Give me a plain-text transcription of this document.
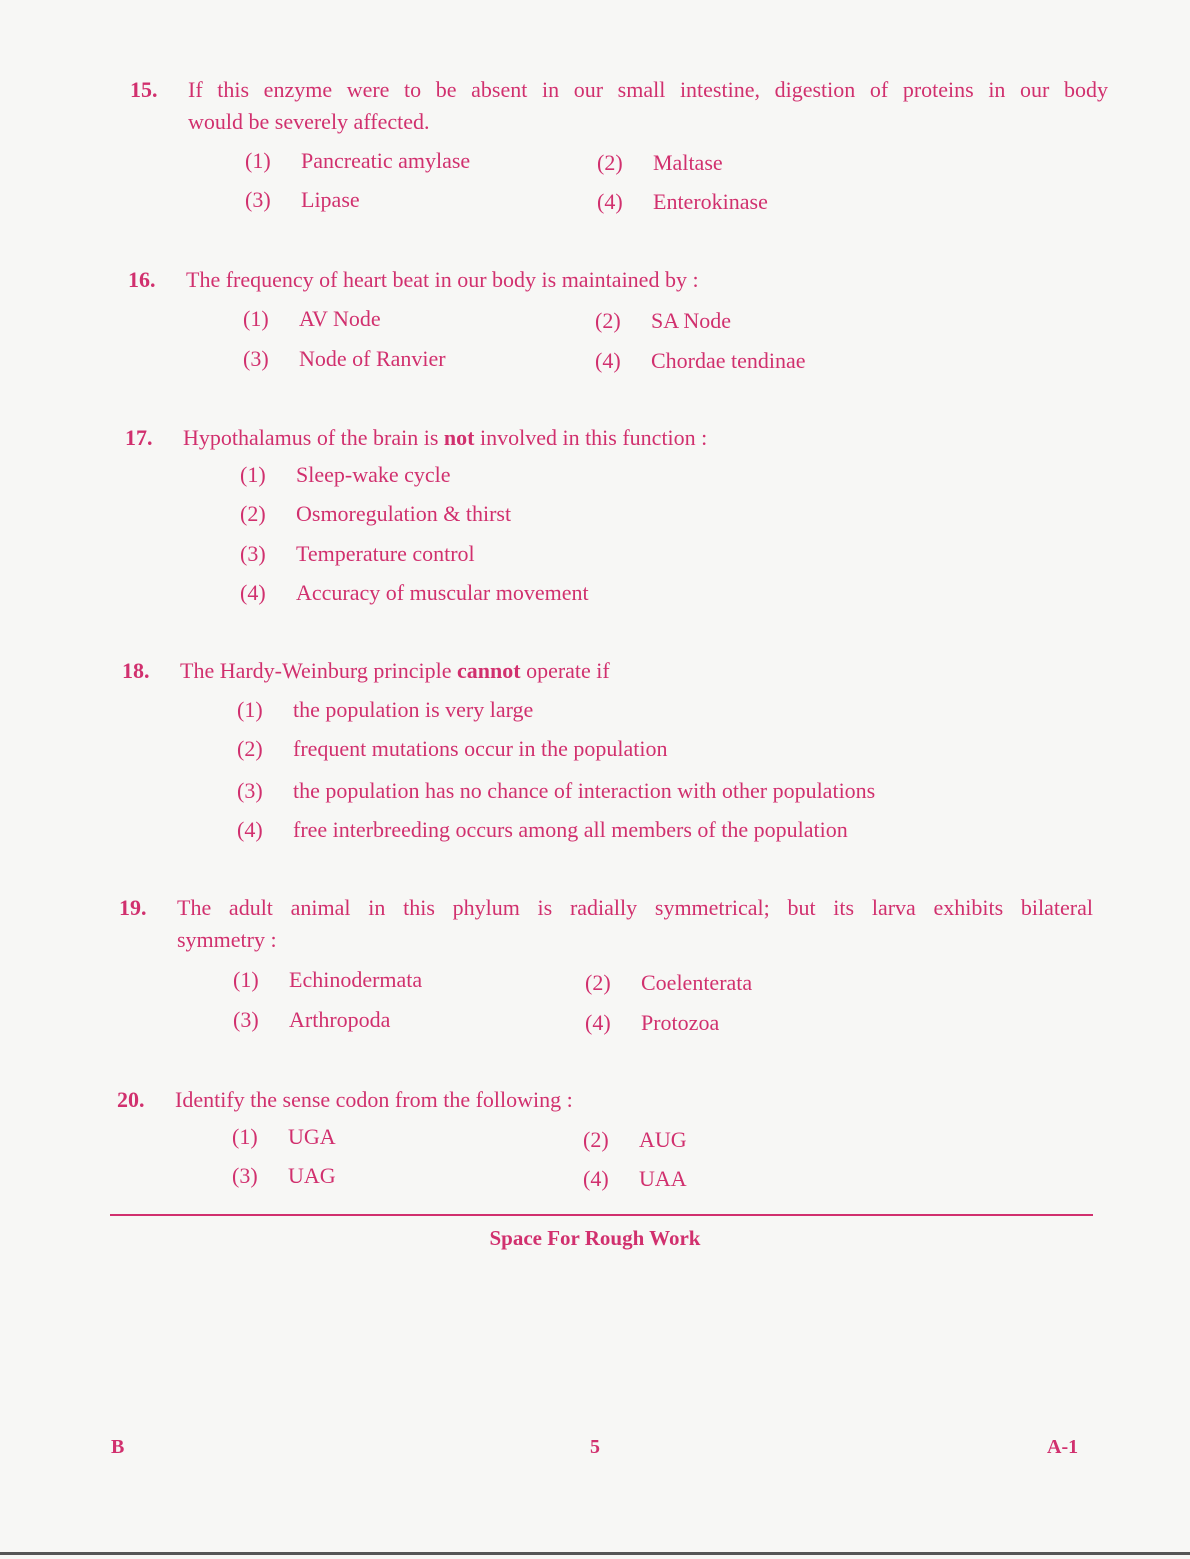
15. If this enzyme were to be absent in our small intestine, digestion of proteins in our body
would be severely affected.
(1) Pancreatic amylase	(2) Maltase
(3) Lipase	(4) Enterokinase
16. The frequency of heart beat in our body is maintained by :
(1) AV Node	(2) SA Node
(3) Node of Ranvier	(4) Chordae tendinae
17. Hypothalamus of the brain is not involved in this function :
(1) Sleep-wake cycle
(2) Osmoregulation & thirst
(3) Temperature control
(4) Accuracy of muscular movement
18. The Hardy-Weinburg principle cannot operate if
(1) the population is very large
(2) frequent mutations occur in the population
(3) the population has no chance of interaction with other populations
(4) free interbreeding occurs among all members of the population
19. The adult animal in this phylum is radially symmetrical; but its larva exhibits bilateral
symmetry :
(1) Echinodermata	(2) Coelenterata
(3) Arthropoda	(4) Protozoa
20. Identify the sense codon from the following :
(1) UGA	(2) AUG
(3) UAG	(4) UAA
Space For Rough Work
B	5	A-1
